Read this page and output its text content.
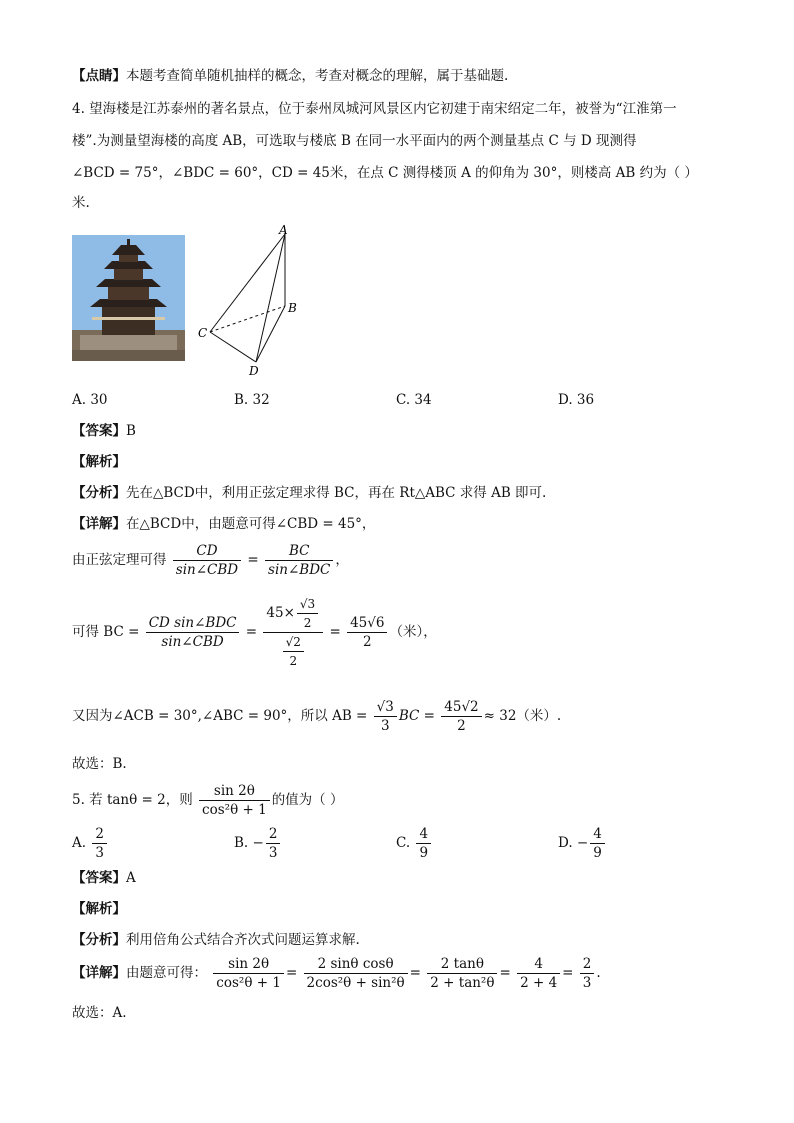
【点睛】本题考查简单随机抽样的概念，考查对概念的理解，属于基础题.
4. 望海楼是江苏泰州的著名景点，位于泰州凤城河风景区内它初建于南宋绍定二年，被誉为“江淮第一
楼”.为测量望海楼的高度 AB，可选取与楼底 B 在同一水平面内的两个测量基点 C 与 D 现测得
∠BCD = 75°，∠BDC = 60°，CD = 45米，在点 C 测得楼顶 A 的仰角为 30°，则楼高 AB 约为（ ）
米.
A
B
C
D
A. 30	B. 32	C. 34	D. 36
【答案】B
【解析】
【分析】先在△BCD中，利用正弦定理求得 BC，再在 Rt△ABC 求得 AB 即可.
【详解】在△BCD中，由题意可得∠CBD = 45°，
由正弦定理可得 $\frac{CD}{\text{sin∠CBD}} = \frac{BC}{\text{sin∠BDC}}$ ，
可得 BC = $\frac{\text{CD sin∠BDC}}{\text{sin∠CBD}} = \frac{45\times \frac{√3}{2}}{\frac{√2}{2}} = \frac{45√6}{2}$ （米），
又因为∠ACB = 30°,∠ABC = 90°，所以 AB = $\frac{√3}{3}$ BC = $\frac{45√2}{2} \approx 32$（米）.
故选：B.
5. 若 tanθ = 2，则 $\frac{\sin 2\theta}{\text{cos²θ + 1}}$ 的值为（ ）
A. $\frac{2}{3}$	B. − $\frac{2}{3}$	C. $\frac{4}{9}$	D. − $\frac{4}{9}$
【答案】A
【解析】
【分析】利用倍角公式结合齐次式问题运算求解.
【详解】由题意可得： $\frac{\sin 2\theta}{\text{cos²θ + 1}} = \frac{\text{2 sinθ cosθ}}{\text{2cos²θ + sin²θ}} = \frac{2 \tan\theta}{\text{2 + tan²θ}} = \frac{4}{2 + 4} = \frac{2}{3}$ .
故选：A.
